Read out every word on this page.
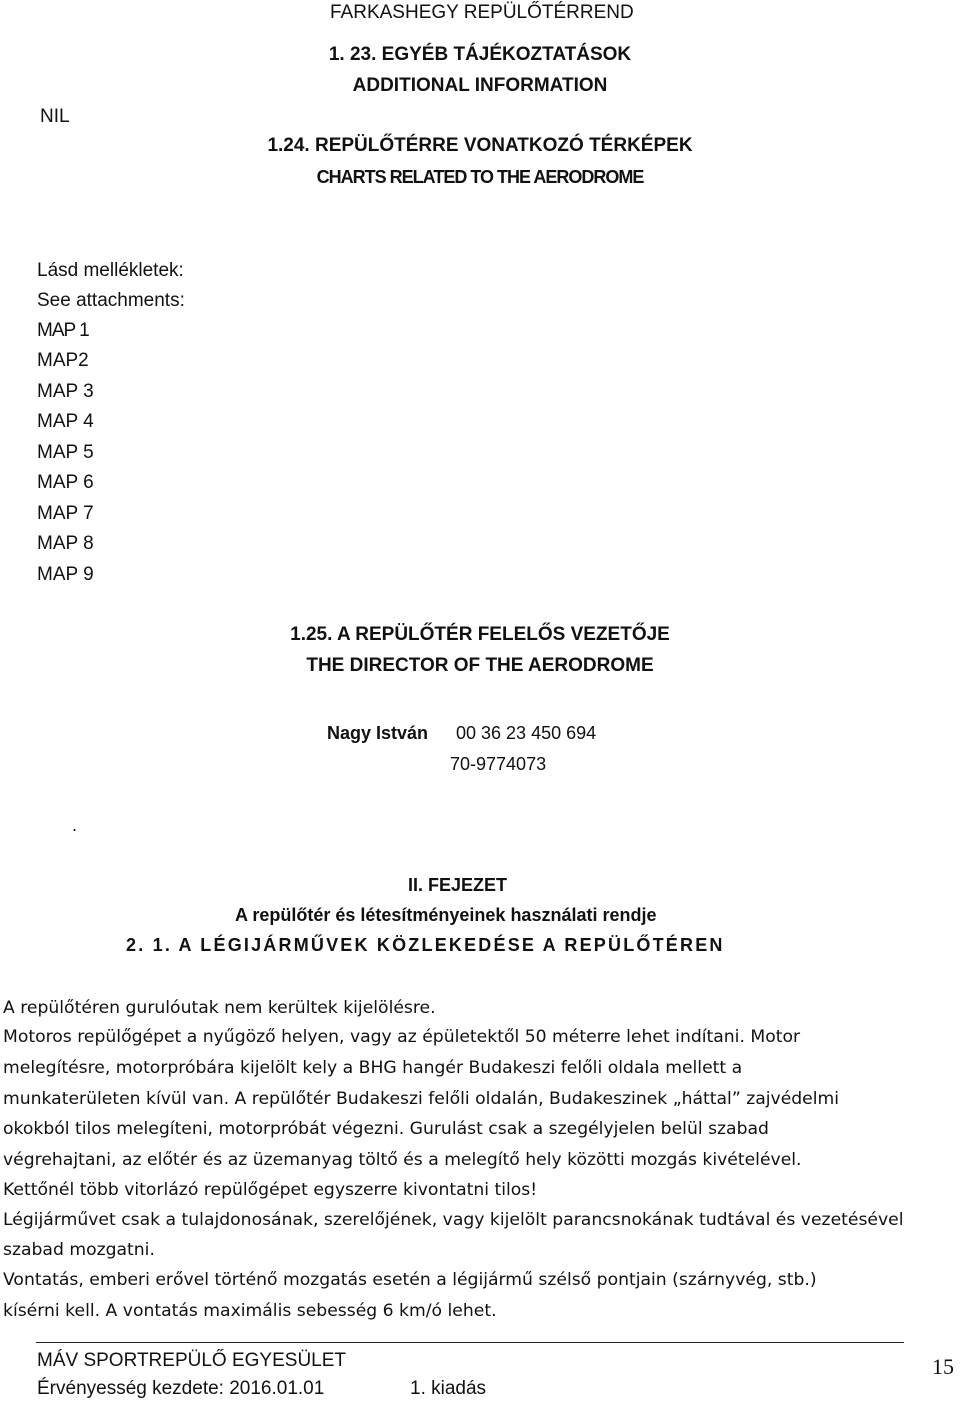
FARKASHEGY REPÜLŐTÉRREND
1. 23. EGYÉB TÁJÉKOZTATÁSOK
ADDITIONAL INFORMATION
NIL
1.24. REPÜLŐTÉRRE VONATKOZÓ TÉRKÉPEK
CHARTS RELATED TO THE AERODROME
Lásd mellékletek:
See attachments:
MAP 1
MAP2
MAP 3
MAP 4
MAP 5
MAP 6
MAP 7
MAP 8
MAP 9
1.25. A REPÜLŐTÉR FELELŐS VEZETŐJE
THE DIRECTOR OF THE AERODROME
Nagy István 00 36 23 450 694
70-9774073
.
II. FEJEZET
A repülőtér és létesítményeinek használati rendje
2. 1. A LÉGIJÁRMŰVEK KÖZLEKEDÉSE A REPÜLŐTÉREN
A repülőtéren gurulóutak nem kerültek kijelölésre.
Motoros repülőgépet a nyűgöző helyen, vagy az épületektől 50 méterre lehet indítani. Motor
melegítésre, motorpróbára kijelölt kely a BHG hangér Budakeszi felőli oldala mellett a
munkaterületen kívül van. A repülőtér Budakeszi felőli oldalán, Budakeszinek „háttal” zajvédelmi
okokból tilos melegíteni, motorpróbát végezni. Gurulást csak a szegélyjelen belül szabad
végrehajtani, az előtér és az üzemanyag töltő és a melegítő hely közötti mozgás kivételével.
Kettőnél több vitorlázó repülőgépet egyszerre kivontatni tilos!
Légijárművet csak a tulajdonosának, szerelőjének, vagy kijelölt parancsnokának tudtával és vezetésével
szabad mozgatni.
Vontatás, emberi erővel történő mozgatás esetén a légijármű szélső pontjain (szárnyvég, stb.)
kísérni kell. A vontatás maximális sebesség 6 km/ó lehet.
MÁV SPORTREPÜLŐ EGYESÜLET
Érvényesség kezdete: 2016.01.01	1. kiadás
15
